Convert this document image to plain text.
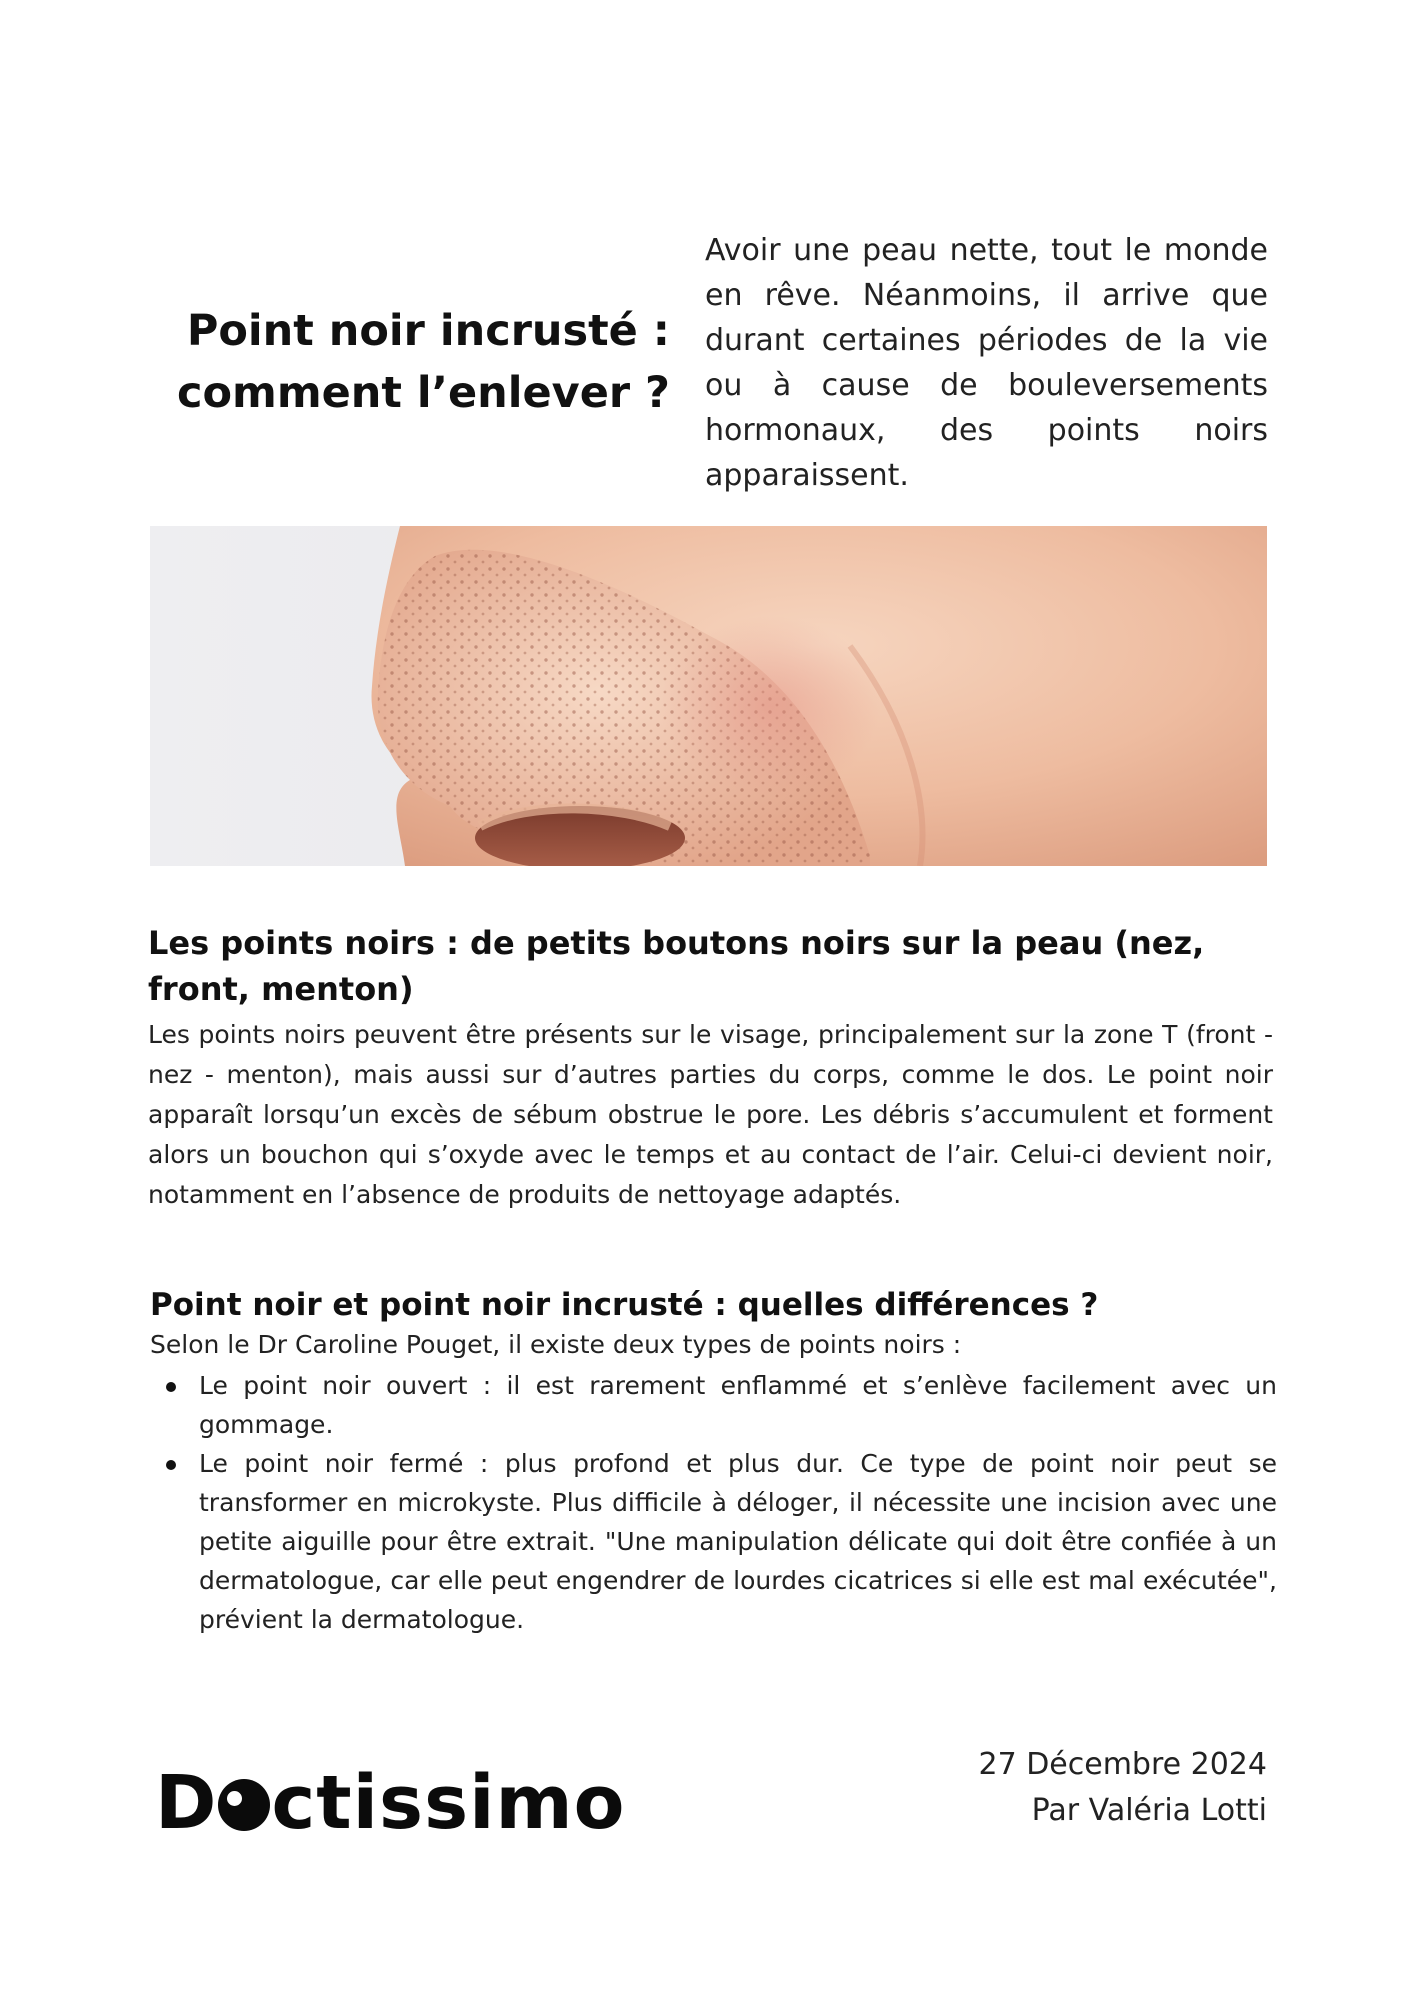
Point noir incrusté :
comment l’enlever ?

Avoir une peau nette, tout le monde en rêve. Néanmoins, il arrive que durant certaines périodes de la vie ou à cause de bouleversements hormonaux, des points noirs apparaissent.

Les points noirs : de petits boutons noirs sur la peau (nez, front, menton)

Les points noirs peuvent être présents sur le visage, principalement sur la zone T (front - nez - menton), mais aussi sur d’autres parties du corps, comme le dos. Le point noir apparaît lorsqu’un excès de sébum obstrue le pore. Les débris s’accumulent et forment alors un bouchon qui s’oxyde avec le temps et au contact de l’air. Celui-ci devient noir, notamment en l’absence de produits de nettoyage adaptés.

Point noir et point noir incrusté : quelles différences ?

Selon le Dr Caroline Pouget, il existe deux types de points noirs :

Le point noir ouvert : il est rarement enflammé et s’enlève facilement avec un gommage.
Le point noir fermé : plus profond et plus dur. Ce type de point noir peut se transformer en microkyste. Plus difficile à déloger, il nécessite une incision avec une petite aiguille pour être extrait. "Une manipulation délicate qui doit être confiée à un dermatologue, car elle peut engendrer de lourdes cicatrices si elle est mal exécutée", prévient la dermatologue.
D ctissimo	27 Décembre 2024
Par Valéria Lotti
